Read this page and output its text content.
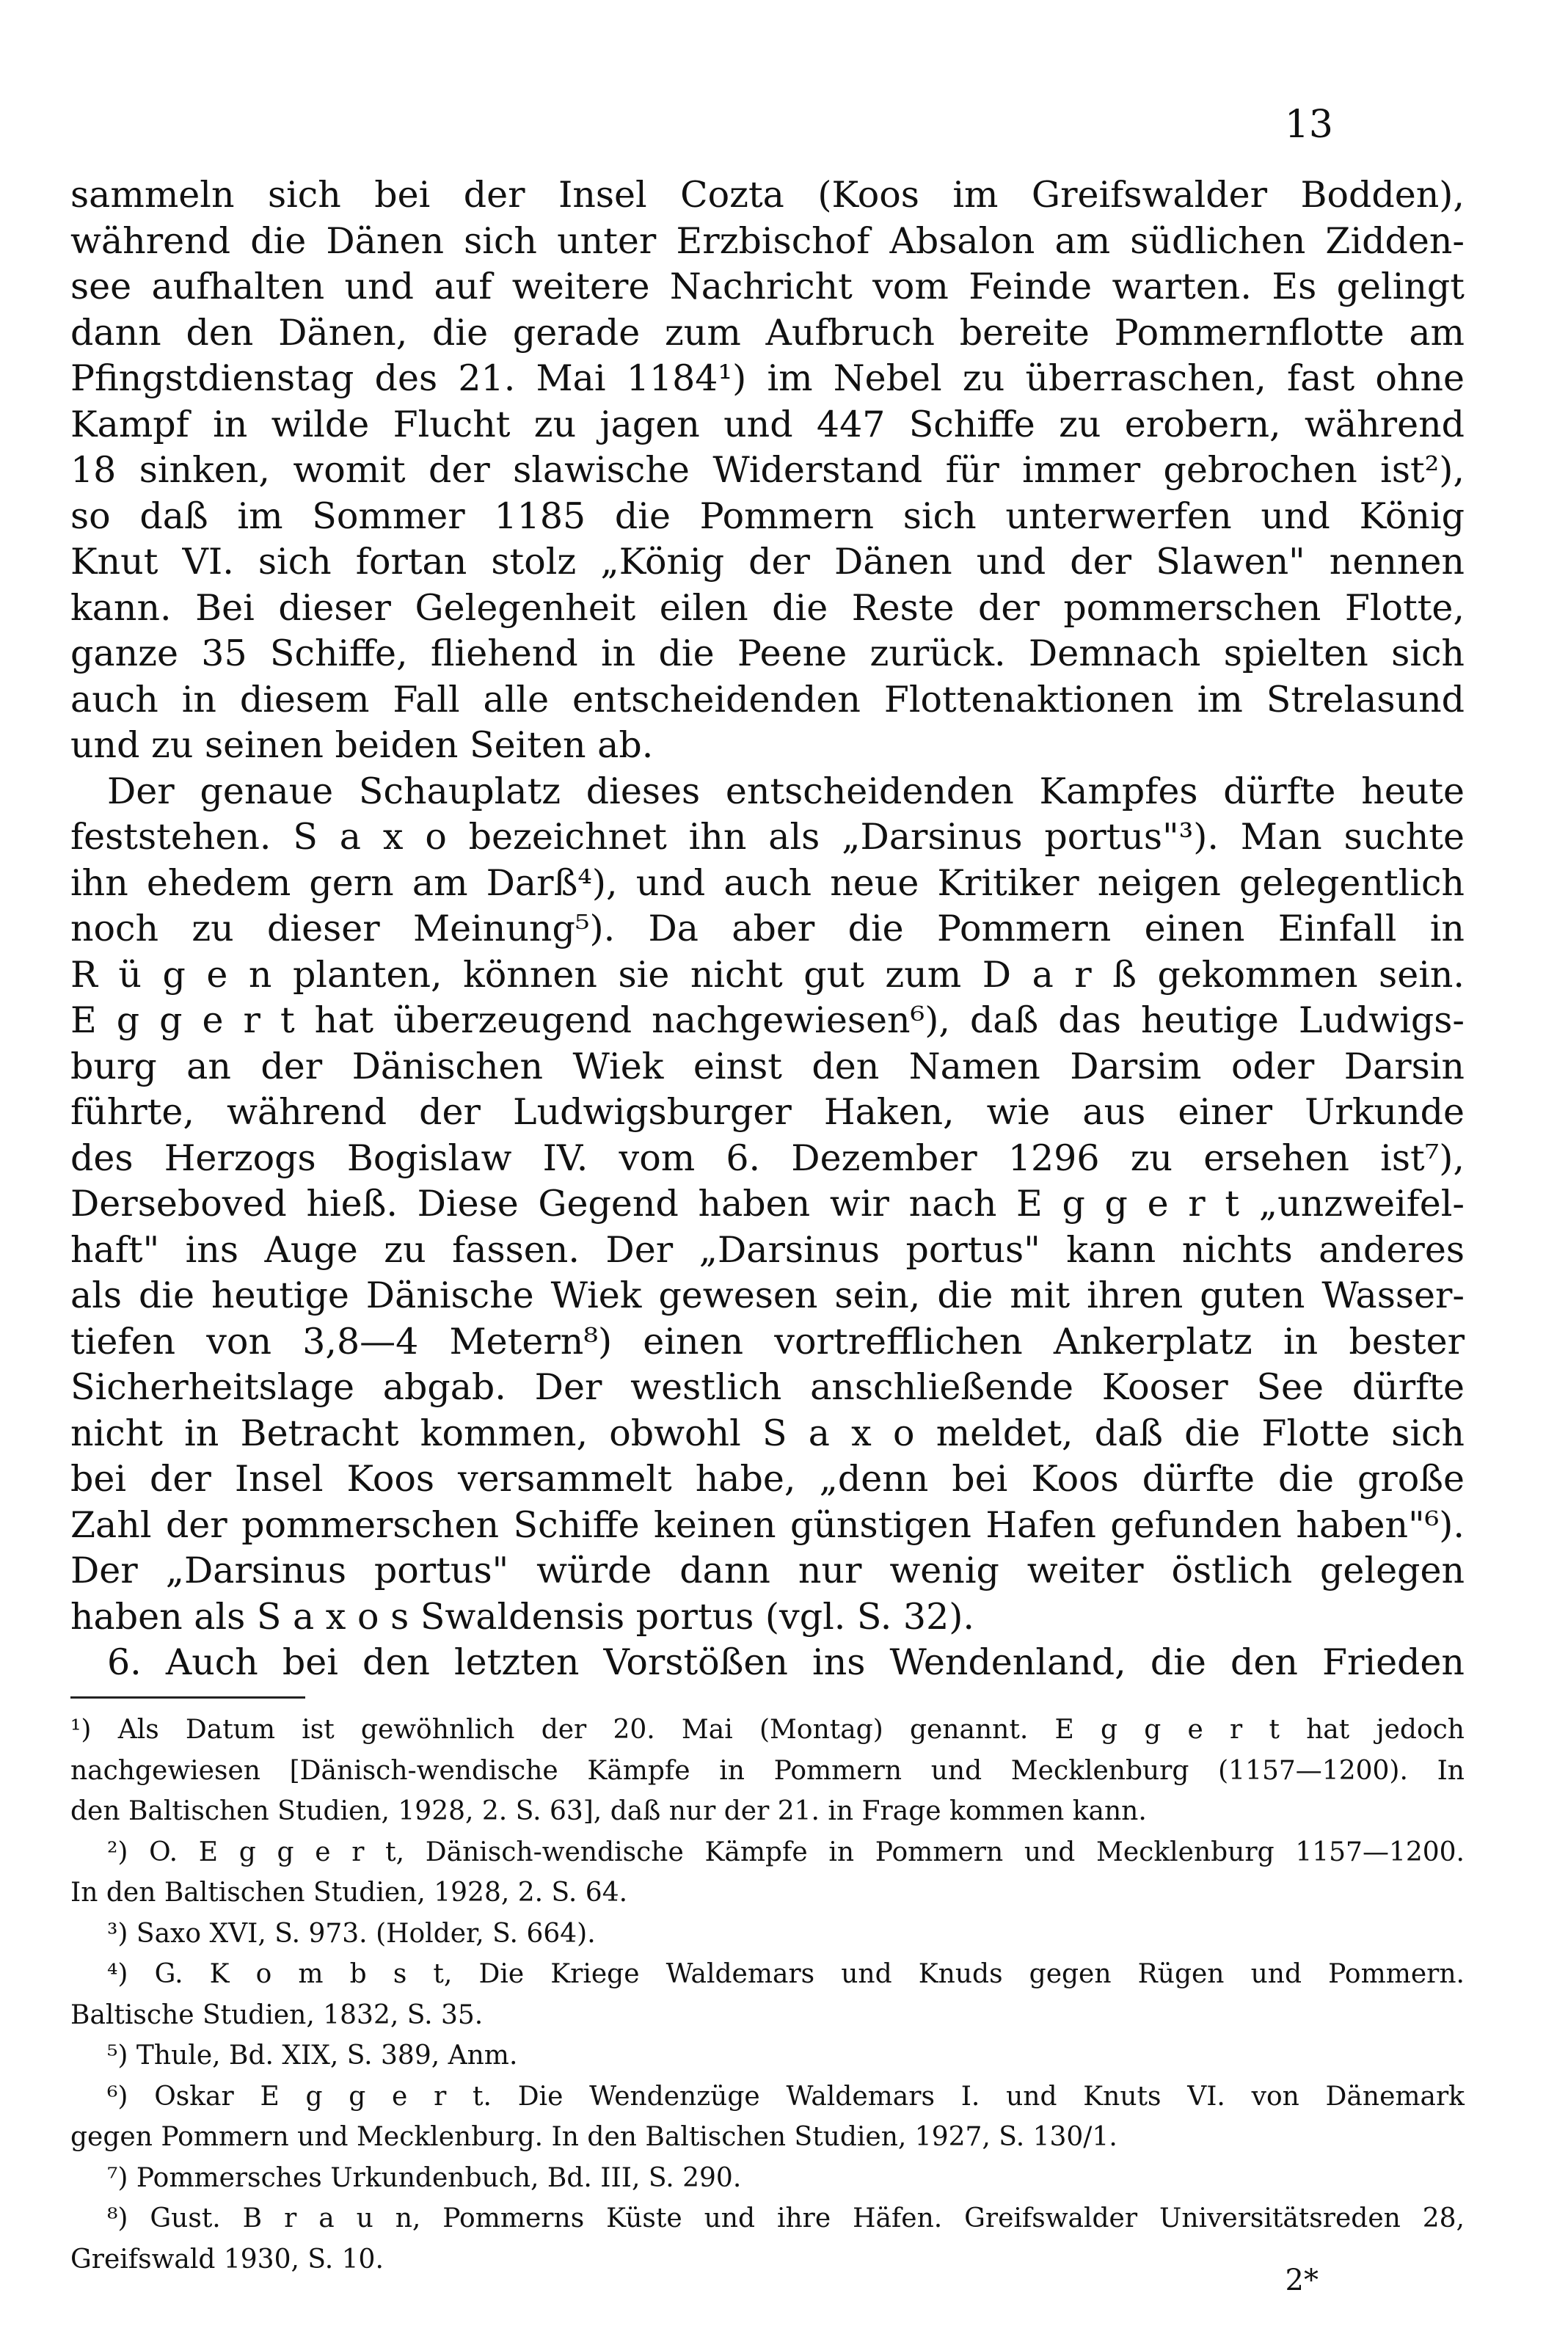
13
sammeln sich bei der Insel Cozta (Koos im Greifswalder Bodden),
während die Dänen sich unter Erzbischof Absalon am südlichen Zidden-
see aufhalten und auf weitere Nachricht vom Feinde warten. Es gelingt
dann den Dänen, die gerade zum Aufbruch bereite Pommernflotte am
Pfingstdienstag des 21. Mai 1184¹) im Nebel zu überraschen, fast ohne
Kampf in wilde Flucht zu jagen und 447 Schiffe zu erobern, während
18 sinken, womit der slawische Widerstand für immer gebrochen ist²),
so daß im Sommer 1185 die Pommern sich unterwerfen und König
Knut VI. sich fortan stolz „König der Dänen und der Slawen" nennen
kann. Bei dieser Gelegenheit eilen die Reste der pommerschen Flotte,
ganze 35 Schiffe, fliehend in die Peene zurück. Demnach spielten sich
auch in diesem Fall alle entscheidenden Flottenaktionen im Strelasund
und zu seinen beiden Seiten ab.
Der genaue Schauplatz dieses entscheidenden Kampfes dürfte heute
feststehen. S a x o bezeichnet ihn als „Darsinus portus"³). Man suchte
ihn ehedem gern am Darß⁴), und auch neue Kritiker neigen gelegentlich
noch zu dieser Meinung⁵). Da aber die Pommern einen Einfall in
R ü g e n planten, können sie nicht gut zum D a r ß gekommen sein.
E g g e r t hat überzeugend nachgewiesen⁶), daß das heutige Ludwigs-
burg an der Dänischen Wiek einst den Namen Darsim oder Darsin
führte, während der Ludwigsburger Haken, wie aus einer Urkunde
des Herzogs Bogislaw IV. vom 6. Dezember 1296 zu ersehen ist⁷),
Derseboved hieß. Diese Gegend haben wir nach E g g e r t „unzweifel-
haft" ins Auge zu fassen. Der „Darsinus portus" kann nichts anderes
als die heutige Dänische Wiek gewesen sein, die mit ihren guten Wasser-
tiefen von 3,8—4 Metern⁸) einen vortrefflichen Ankerplatz in bester
Sicherheitslage abgab. Der westlich anschließende Kooser See dürfte
nicht in Betracht kommen, obwohl S a x o meldet, daß die Flotte sich
bei der Insel Koos versammelt habe, „denn bei Koos dürfte die große
Zahl der pommerschen Schiffe keinen günstigen Hafen gefunden haben"⁶).
Der „Darsinus portus" würde dann nur wenig weiter östlich gelegen
haben als S a x o s Swaldensis portus (vgl. S. 32).
6. Auch bei den letzten Vorstößen ins Wendenland, die den Frieden
¹) Als Datum ist gewöhnlich der 20. Mai (Montag) genannt. E g g e r t hat jedoch
nachgewiesen [Dänisch-wendische Kämpfe in Pommern und Mecklenburg (1157—1200). In
den Baltischen Studien, 1928, 2. S. 63], daß nur der 21. in Frage kommen kann.
²) O. E g g e r t, Dänisch-wendische Kämpfe in Pommern und Mecklenburg 1157—1200.
In den Baltischen Studien, 1928, 2. S. 64.
³) Saxo XVI, S. 973. (Holder, S. 664).
⁴) G. K o m b s t, Die Kriege Waldemars und Knuds gegen Rügen und Pommern.
Baltische Studien, 1832, S. 35.
⁵) Thule, Bd. XIX, S. 389, Anm.
⁶) Oskar E g g e r t. Die Wendenzüge Waldemars I. und Knuts VI. von Dänemark
gegen Pommern und Mecklenburg. In den Baltischen Studien, 1927, S. 130/1.
⁷) Pommersches Urkundenbuch, Bd. III, S. 290.
⁸) Gust. B r a u n, Pommerns Küste und ihre Häfen. Greifswalder Universitätsreden 28,
Greifswald 1930, S. 10.
2*
